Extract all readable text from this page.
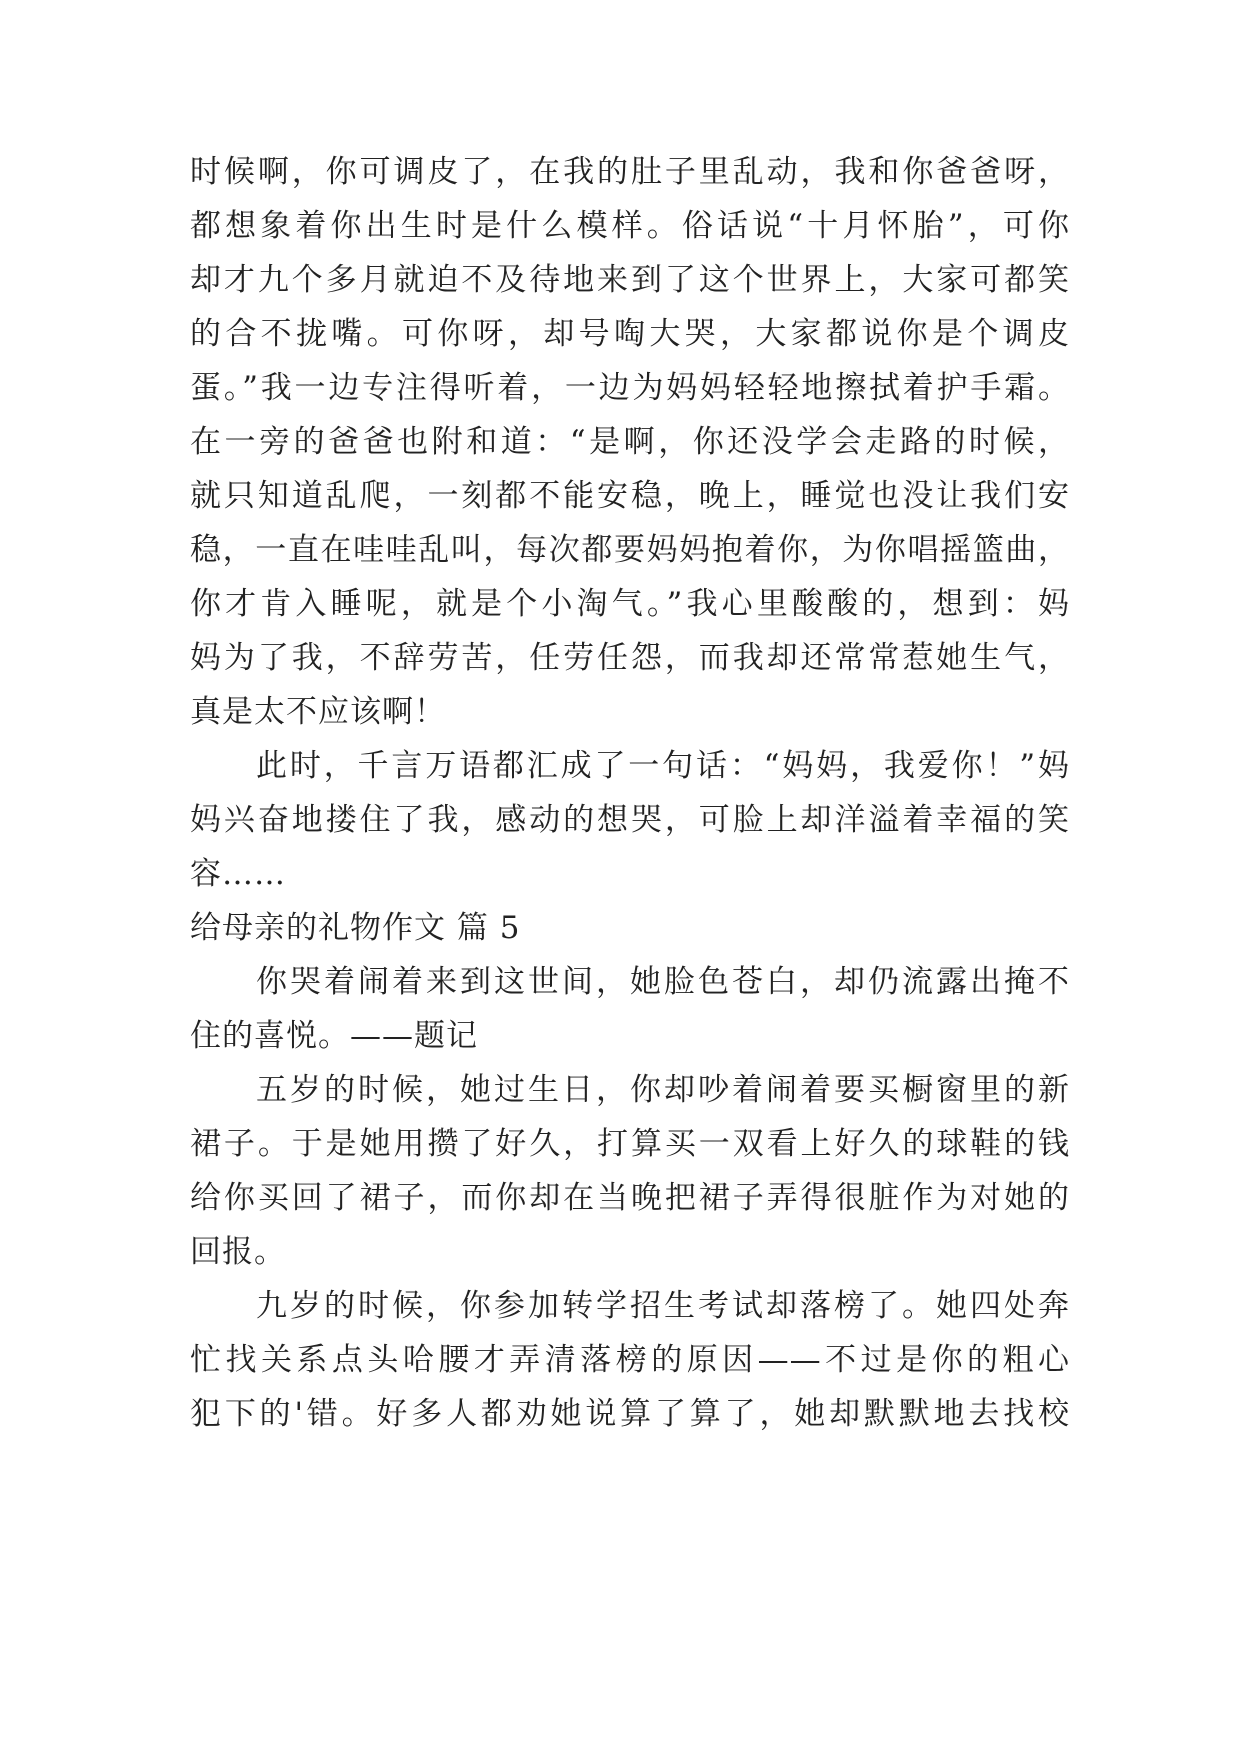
时候啊，你可调皮了，在我的肚子里乱动，我和你爸爸呀，
都想象着你出生时是什么模样。俗话说“十月怀胎”，可你
却才九个多月就迫不及待地来到了这个世界上，大家可都笑
的合不拢嘴。可你呀，却号啕大哭，大家都说你是个调皮
蛋。”我一边专注得听着，一边为妈妈轻轻地擦拭着护手霜。
在一旁的爸爸也附和道：“是啊，你还没学会走路的时候，
就只知道乱爬，一刻都不能安稳，晚上，睡觉也没让我们安
稳，一直在哇哇乱叫，每次都要妈妈抱着你，为你唱摇篮曲，
你才肯入睡呢，就是个小淘气。”我心里酸酸的，想到：妈
妈为了我，不辞劳苦，任劳任怨，而我却还常常惹她生气，
真是太不应该啊！
此时，千言万语都汇成了一句话：“妈妈，我爱你！”妈
妈兴奋地搂住了我，感动的想哭，可脸上却洋溢着幸福的笑
容……
给母亲的礼物作文 篇 5
你哭着闹着来到这世间，她脸色苍白，却仍流露出掩不
住的喜悦。——题记
五岁的时候，她过生日，你却吵着闹着要买橱窗里的新
裙子。于是她用攒了好久，打算买一双看上好久的球鞋的钱
给你买回了裙子，而你却在当晚把裙子弄得很脏作为对她的
回报。
九岁的时候，你参加转学招生考试却落榜了。她四处奔
忙找关系点头哈腰才弄清落榜的原因——不过是你的粗心
犯下的'错。好多人都劝她说算了算了，她却默默地去找校
